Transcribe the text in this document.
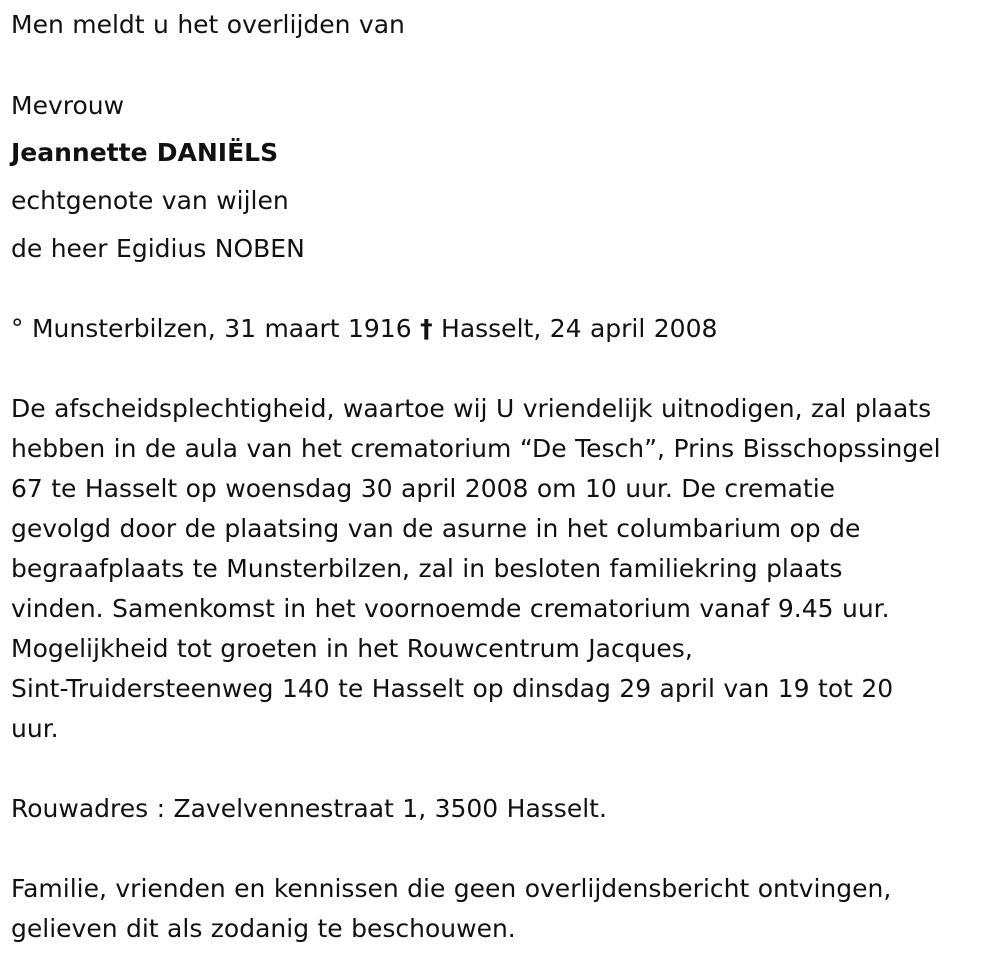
Men meldt u het overlijden van
Mevrouw
Jeannette DANIËLS
echtgenote van wijlen
de heer Egidius NOBEN
° Munsterbilzen, 31 maart 1916 † Hasselt, 24 april 2008
De afscheidsplechtigheid, waartoe wij U vriendelijk uitnodigen, zal plaats
hebben in de aula van het crematorium “De Tesch”, Prins Bisschopssingel
67 te Hasselt op woensdag 30 april 2008 om 10 uur. De crematie
gevolgd door de plaatsing van de asurne in het columbarium op de
begraafplaats te Munsterbilzen, zal in besloten familiekring plaats
vinden. Samenkomst in het voornoemde crematorium vanaf 9.45 uur.
Mogelijkheid tot groeten in het Rouwcentrum Jacques,
Sint-Truidersteenweg 140 te Hasselt op dinsdag 29 april van 19 tot 20
uur.
Rouwadres : Zavelvennestraat 1, 3500 Hasselt.
Familie, vrienden en kennissen die geen overlijdensbericht ontvingen,
gelieven dit als zodanig te beschouwen.
